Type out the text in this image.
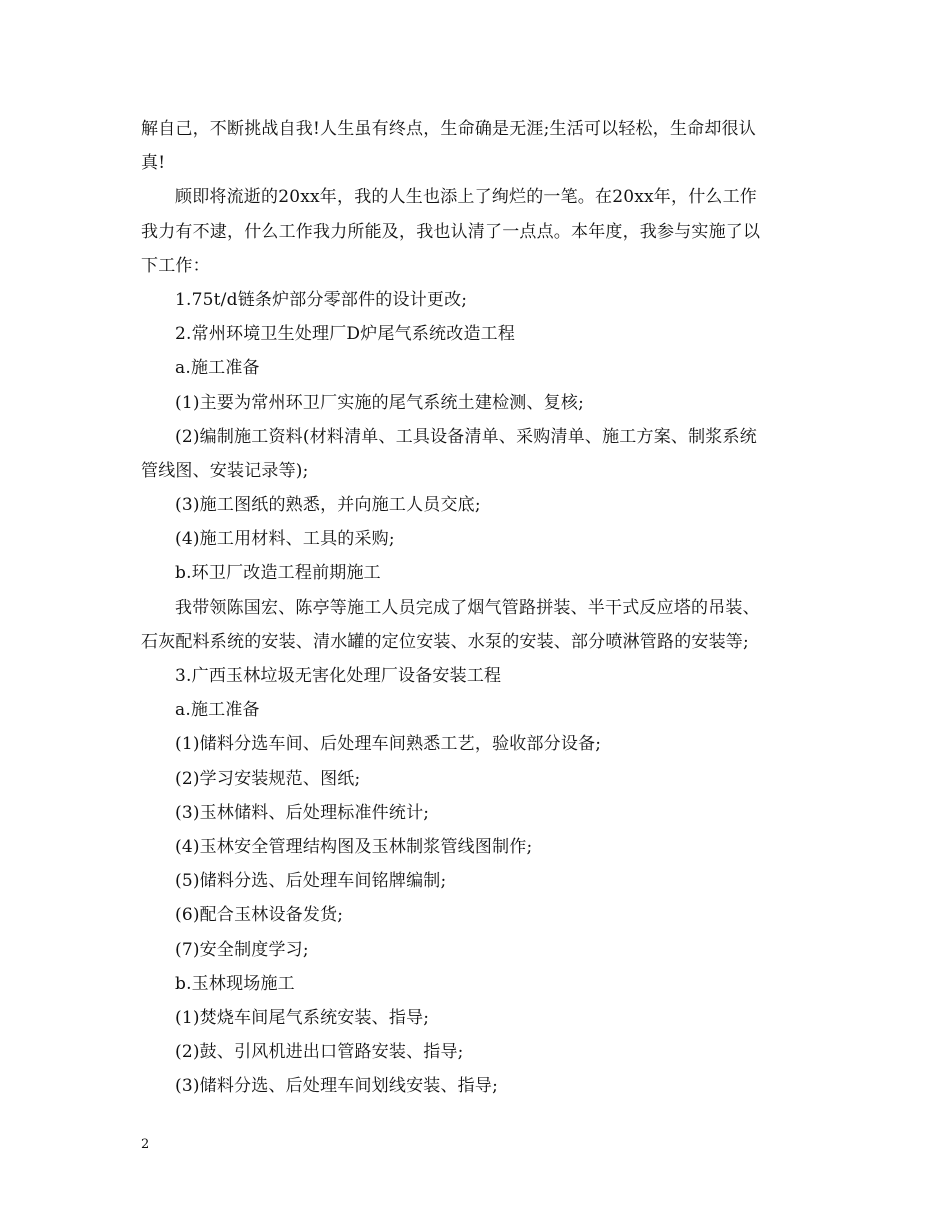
解自己，不断挑战自我!人生虽有终点，生命确是无涯;生活可以轻松，生命却很认
真!
顾即将流逝的20xx年，我的人生也添上了绚烂的一笔。在20xx年，什么工作
我力有不逮，什么工作我力所能及，我也认清了一点点。本年度，我参与实施了以
下工作：
1.75t/d链条炉部分零部件的设计更改;
2.常州环境卫生处理厂D炉尾气系统改造工程
a.施工准备
(1)主要为常州环卫厂实施的尾气系统土建检测、复核;
(2)编制施工资料(材料清单、工具设备清单、采购清单、施工方案、制浆系统
管线图、安装记录等);
(3)施工图纸的熟悉，并向施工人员交底;
(4)施工用材料、工具的采购;
b.环卫厂改造工程前期施工
我带领陈国宏、陈亭等施工人员完成了烟气管路拼装、半干式反应塔的吊装、
石灰配料系统的安装、清水罐的定位安装、水泵的安装、部分喷淋管路的安装等;
3.广西玉林垃圾无害化处理厂设备安装工程
a.施工准备
(1)储料分选车间、后处理车间熟悉工艺，验收部分设备;
(2)学习安装规范、图纸;
(3)玉林储料、后处理标准件统计;
(4)玉林安全管理结构图及玉林制浆管线图制作;
(5)储料分选、后处理车间铭牌编制;
(6)配合玉林设备发货;
(7)安全制度学习;
b.玉林现场施工
(1)焚烧车间尾气系统安装、指导;
(2)鼓、引风机进出口管路安装、指导;
(3)储料分选、后处理车间划线安装、指导;
2
